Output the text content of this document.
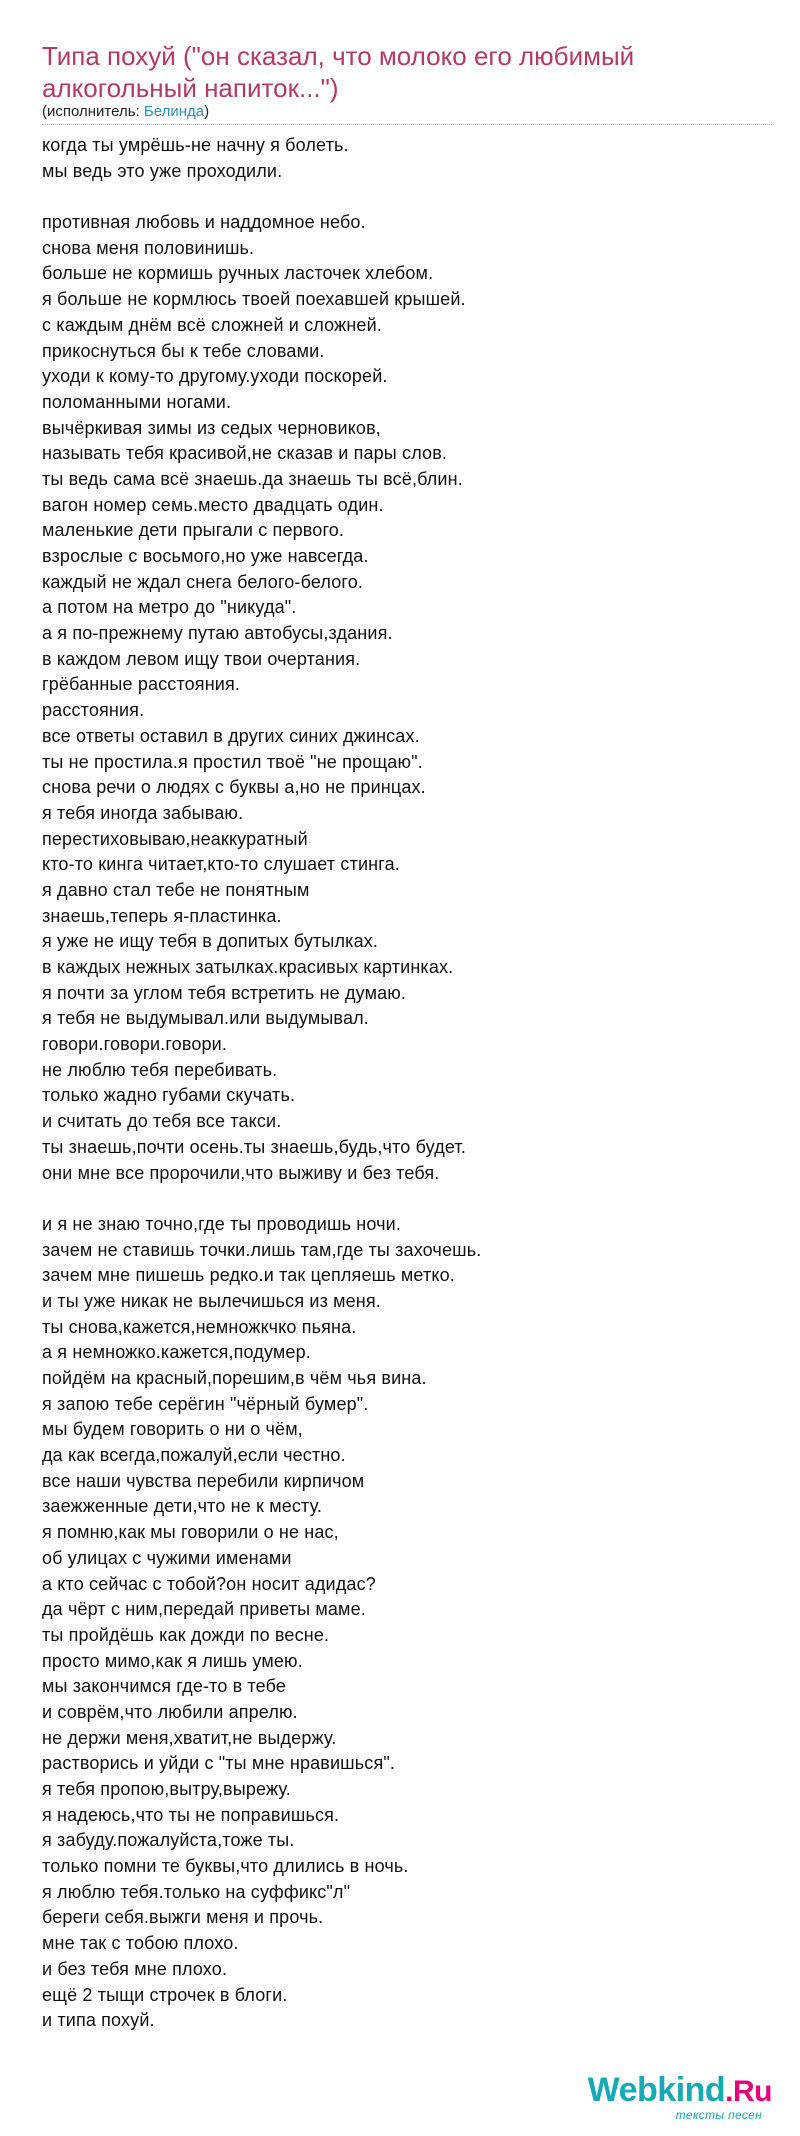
Типа похуй ("он сказал, что молоко его любимый алкогольный напиток...")
(исполнитель: Белинда)
когда ты умрёшь-не начну я болеть.
мы ведь это уже проходили.
противная любовь и наддомное небо.
снова меня половинишь.
больше не кормишь ручных ласточек хлебом.
я больше не кормлюсь твоей поехавшей крышей.
с каждым днём всё сложней и сложней.
прикоснуться бы к тебе словами.
уходи к кому-то другому.уходи поскорей.
поломанными ногами.
вычёркивая зимы из седых черновиков,
называть тебя красивой,не сказав и пары слов.
ты ведь сама всё знаешь.да знаешь ты всё,блин.
вагон номер семь.место двадцать один.
маленькие дети прыгали с первого.
взрослые с восьмого,но уже навсегда.
каждый не ждал снега белого-белого.
а потом на метро до "никуда".
а я по-прежнему путаю автобусы,здания.
в каждом левом ищу твои очертания.
грёбанные расстояния.
расстояния.
все ответы оставил в других синих джинсах.
ты не простила.я простил твоё "не прощаю".
снова речи о людях с буквы а,но не принцах.
я тебя иногда забываю.
перестиховываю,неаккуратный
кто-то кинга читает,кто-то слушает стинга.
я давно стал тебе не понятным
знаешь,теперь я-пластинка.
я уже не ищу тебя в допитых бутылках.
в каждых нежных затылках.красивых картинках.
я почти за углом тебя встретить не думаю.
я тебя не выдумывал.или выдумывал.
говори.говори.говори.
не люблю тебя перебивать.
только жадно губами скучать.
и считать до тебя все такси.
ты знаешь,почти осень.ты знаешь,будь,что будет.
они мне все пророчили,что выживу и без тебя.
и я не знаю точно,где ты проводишь ночи.
зачем не ставишь точки.лишь там,где ты захочешь.
зачем мне пишешь редко.и так цепляешь метко.
и ты уже никак не вылечишься из меня.
ты снова,кажется,немножкчко пьяна.
а я немножко.кажется,подумер.
пойдём на красный,порешим,в чём чья вина.
я запою тебе серёгин "чёрный бумер".
мы будем говорить о ни о чём,
да как всегда,пожалуй,если честно.
все наши чувства перебили кирпичом
заежженные дети,что не к месту.
я помню,как мы говорили о не нас,
об улицах с чужими именами
а кто сейчас с тобой?он носит адидас?
да чёрт с ним,передай приветы маме.
ты пройдёшь как дожди по весне.
просто мимо,как я лишь умею.
мы закончимся где-то в тебе
и соврём,что любили апрелю.
не держи меня,хватит,не выдержу.
растворись и уйди с "ты мне нравишься".
я тебя пропою,вытру,вырежу.
я надеюсь,что ты не поправишься.
я забуду.пожалуйста,тоже ты.
только помни те буквы,что длились в ночь.
я люблю тебя.только на суффикс"л"
береги себя.выжги меня и прочь.
мне так с тобою плохо.
и без тебя мне плохо.
ещё 2 тыщи строчек в блоги.
и типа похуй.
Webkind.Ru
тексты песен
